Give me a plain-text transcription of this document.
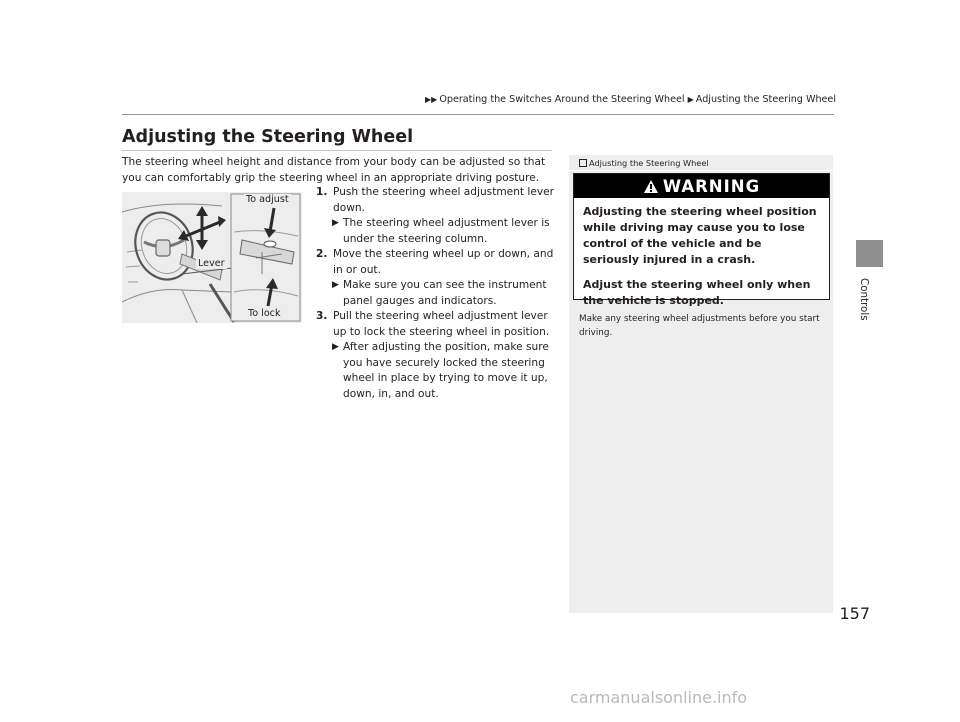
▶▶ Operating the Switches Around the Steering Wheel ▶ Adjusting the Steering Wheel
Adjusting the Steering Wheel

The steering wheel height and distance from your body can be adjusted so that you can comfortably grip the steering wheel in an appropriate driving posture.

To adjust
Lever
To lock
1. Push the steering wheel adjustment lever down.
▶ The steering wheel adjustment lever is under the steering column.
2. Move the steering wheel up or down, and in or out.
▶ Make sure you can see the instrument panel gauges and indicators.
3. Pull the steering wheel adjustment lever up to lock the steering wheel in position.
▶ After adjusting the position, make sure you have securely locked the steering wheel in place by trying to move it up, down, in, and out.
Adjusting the Steering Wheel
WARNING

Adjusting the steering wheel position while driving may cause you to lose control of the vehicle and be seriously injured in a crash.

Adjust the steering wheel only when the vehicle is stopped.

Make any steering wheel adjustments before you start driving.

Controls
157
carmanualsonline.info
